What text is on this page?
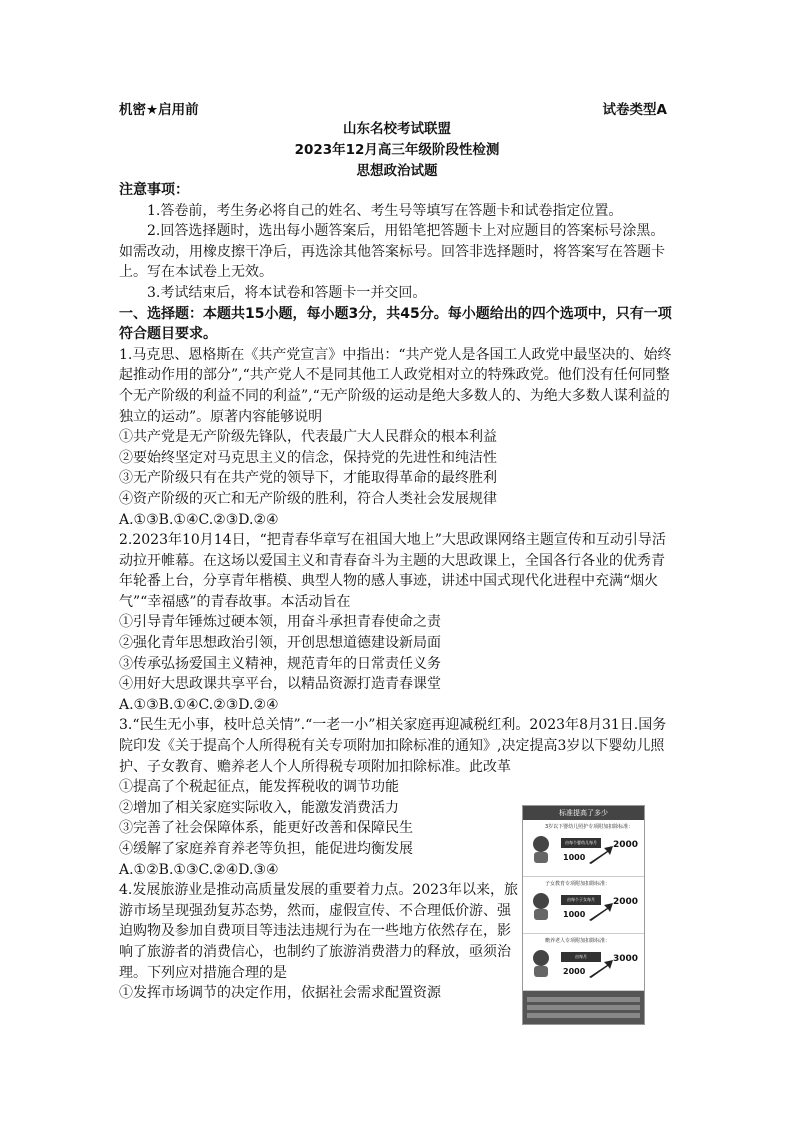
机密★启用前	试卷类型A
山东名校考试联盟
2023年12月高三年级阶段性检测
思想政治试题

注意事项：

1.答卷前，考生务必将自己的姓名、考生号等填写在答题卡和试卷指定位置。

2.回答选择题时，选出每小题答案后，用铅笔把答题卡上对应题目的答案标号涂黑。如需改动，用橡皮擦干净后，再选涂其他答案标号。回答非选择题时，将答案写在答题卡上。写在本试卷上无效。

3.考试结束后，将本试卷和答题卡一并交回。

一、选择题：本题共15小题，每小题3分，共45分。每小题给出的四个选项中，只有一项符合题目要求。

1.马克思、恩格斯在《共产党宣言》中指出：“共产党人是各国工人政党中最坚决的、始终起推动作用的部分”,“共产党人不是同其他工人政党相对立的特殊政党。他们没有任何同整个无产阶级的利益不同的利益”,“无产阶级的运动是绝大多数人的、为绝大多数人谋利益的独立的运动”。原著内容能够说明

①共产党是无产阶级先锋队，代表最广大人民群众的根本利益

②要始终坚定对马克思主义的信念，保持党的先进性和纯洁性

③无产阶级只有在共产党的领导下，才能取得革命的最终胜利

④资产阶级的灭亡和无产阶级的胜利，符合人类社会发展规律

A.①③B.①④C.②③D.②④

2.2023年10月14日，“把青春华章写在祖国大地上”大思政课网络主题宣传和互动引导活动拉开帷幕。在这场以爱国主义和青春奋斗为主题的大思政课上，全国各行各业的优秀青年轮番上台，分享青年楷模、典型人物的感人事迹，讲述中国式现代化进程中充满“烟火气”“幸福感”的青春故事。本活动旨在

①引导青年锤炼过硬本领，用奋斗承担青春使命之责

②强化青年思想政治引领，开创思想道德建设新局面

③传承弘扬爱国主义精神，规范青年的日常责任义务

④用好大思政课共享平台，以精品资源打造青春课堂

A.①③B.①④C.②③D.②④

3.“民生无小事，枝叶总关情”.“一老一小”相关家庭再迎减税红利。2023年8月31日.国务院印发《关于提高个人所得税有关专项附加扣除标准的通知》,决定提高3岁以下婴幼儿照护、子女教育、赡养老人个人所得税专项附加扣除标准。此改革

①提高了个税起征点，能发挥税收的调节功能

②增加了相关家庭实际收入，能激发消费活力

③完善了社会保障体系，能更好改善和保障民生

④缓解了家庭养育养老等负担，能促进均衡发展

A.①②B.①③C.②④D.③④

4.发展旅游业是推动高质量发展的重要着力点。2023年以来，旅游市场呈现强劲复苏态势，然而，虚假宣传、不合理低价游、强迫购物及参加自费项目等违法违规行为在一些地方依然存在，影响了旅游者的消费信心，也制约了旅游消费潜力的释放，亟须治理。下列应对措施合理的是

①发挥市场调节的决定作用，依据社会需求配置资源

标准提高了多少
3岁以下婴幼儿照护专项附加扣除标准：
由每个婴幼儿每月
1000
2000
子女教育专项附加扣除标准：
由每个子女每月
1000
2000
赡养老人专项附加扣除标准：
由每月
2000
3000
